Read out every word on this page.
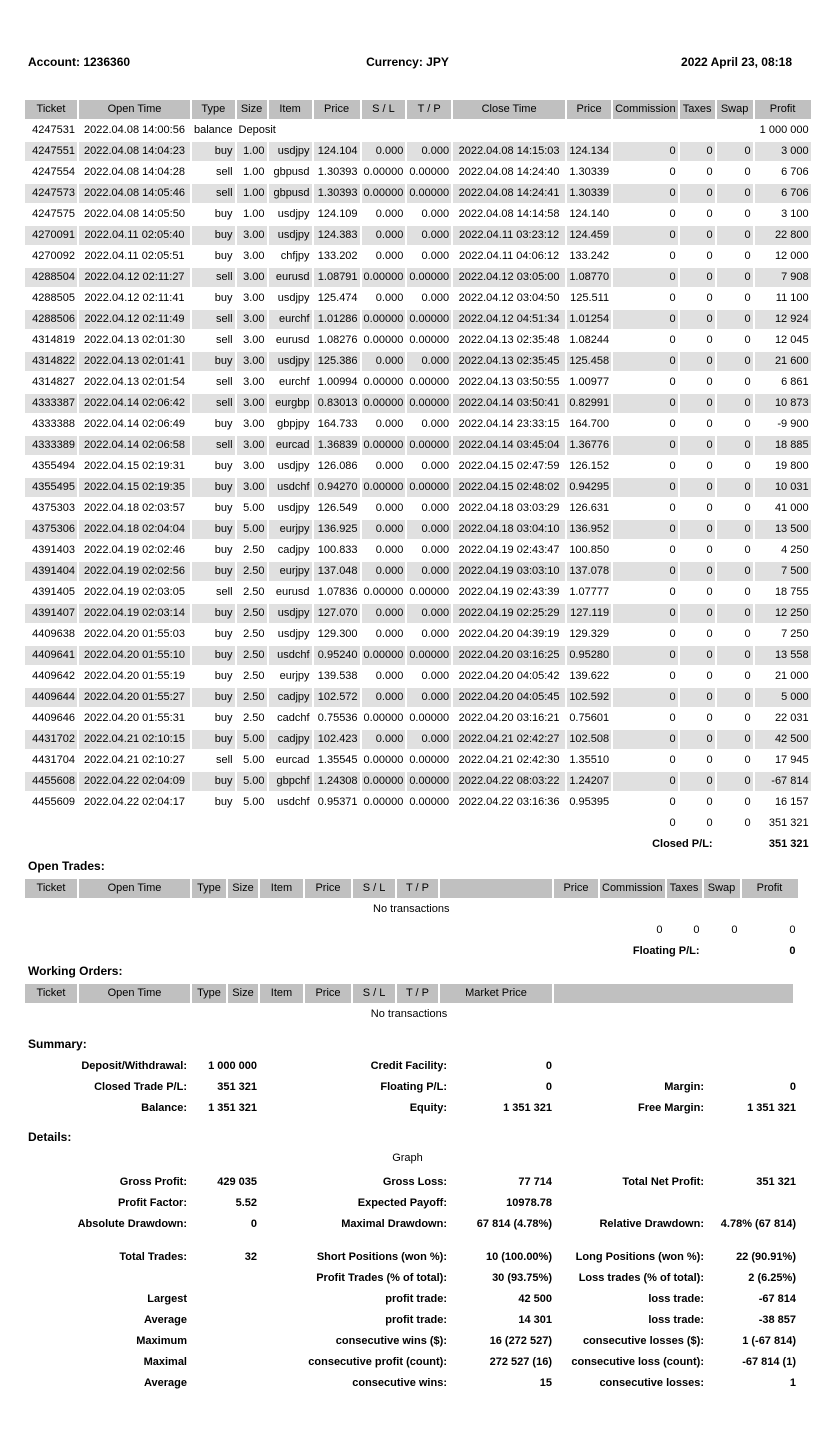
Account: 1236360	Currency: JPY	2022 April 23, 08:18
Ticket	Open Time	Type	Size	Item	Price	S / L	T / P	Close Time	Price	Commission	Taxes	Swap	Profit
4247531	2022.04.08 14:00:56	balance	Deposit										1 000 000
4247551	2022.04.08 14:04:23	buy	1.00	usdjpy	124.104	0.000	0.000	2022.04.08 14:15:03	124.134	0	0	0	3 000
4247554	2022.04.08 14:04:28	sell	1.00	gbpusd	1.30393	0.00000	0.00000	2022.04.08 14:24:40	1.30339	0	0	0	6 706
4247573	2022.04.08 14:05:46	sell	1.00	gbpusd	1.30393	0.00000	0.00000	2022.04.08 14:24:41	1.30339	0	0	0	6 706
4247575	2022.04.08 14:05:50	buy	1.00	usdjpy	124.109	0.000	0.000	2022.04.08 14:14:58	124.140	0	0	0	3 100
4270091	2022.04.11 02:05:40	buy	3.00	usdjpy	124.383	0.000	0.000	2022.04.11 03:23:12	124.459	0	0	0	22 800
4270092	2022.04.11 02:05:51	buy	3.00	chfjpy	133.202	0.000	0.000	2022.04.11 04:06:12	133.242	0	0	0	12 000
4288504	2022.04.12 02:11:27	sell	3.00	eurusd	1.08791	0.00000	0.00000	2022.04.12 03:05:00	1.08770	0	0	0	7 908
4288505	2022.04.12 02:11:41	buy	3.00	usdjpy	125.474	0.000	0.000	2022.04.12 03:04:50	125.511	0	0	0	11 100
4288506	2022.04.12 02:11:49	sell	3.00	eurchf	1.01286	0.00000	0.00000	2022.04.12 04:51:34	1.01254	0	0	0	12 924
4314819	2022.04.13 02:01:30	sell	3.00	eurusd	1.08276	0.00000	0.00000	2022.04.13 02:35:48	1.08244	0	0	0	12 045
4314822	2022.04.13 02:01:41	buy	3.00	usdjpy	125.386	0.000	0.000	2022.04.13 02:35:45	125.458	0	0	0	21 600
4314827	2022.04.13 02:01:54	sell	3.00	eurchf	1.00994	0.00000	0.00000	2022.04.13 03:50:55	1.00977	0	0	0	6 861
4333387	2022.04.14 02:06:42	sell	3.00	eurgbp	0.83013	0.00000	0.00000	2022.04.14 03:50:41	0.82991	0	0	0	10 873
4333388	2022.04.14 02:06:49	buy	3.00	gbpjpy	164.733	0.000	0.000	2022.04.14 23:33:15	164.700	0	0	0	-9 900
4333389	2022.04.14 02:06:58	sell	3.00	eurcad	1.36839	0.00000	0.00000	2022.04.14 03:45:04	1.36776	0	0	0	18 885
4355494	2022.04.15 02:19:31	buy	3.00	usdjpy	126.086	0.000	0.000	2022.04.15 02:47:59	126.152	0	0	0	19 800
4355495	2022.04.15 02:19:35	buy	3.00	usdchf	0.94270	0.00000	0.00000	2022.04.15 02:48:02	0.94295	0	0	0	10 031
4375303	2022.04.18 02:03:57	buy	5.00	usdjpy	126.549	0.000	0.000	2022.04.18 03:03:29	126.631	0	0	0	41 000
4375306	2022.04.18 02:04:04	buy	5.00	eurjpy	136.925	0.000	0.000	2022.04.18 03:04:10	136.952	0	0	0	13 500
4391403	2022.04.19 02:02:46	buy	2.50	cadjpy	100.833	0.000	0.000	2022.04.19 02:43:47	100.850	0	0	0	4 250
4391404	2022.04.19 02:02:56	buy	2.50	eurjpy	137.048	0.000	0.000	2022.04.19 03:03:10	137.078	0	0	0	7 500
4391405	2022.04.19 02:03:05	sell	2.50	eurusd	1.07836	0.00000	0.00000	2022.04.19 02:43:39	1.07777	0	0	0	18 755
4391407	2022.04.19 02:03:14	buy	2.50	usdjpy	127.070	0.000	0.000	2022.04.19 02:25:29	127.119	0	0	0	12 250
4409638	2022.04.20 01:55:03	buy	2.50	usdjpy	129.300	0.000	0.000	2022.04.20 04:39:19	129.329	0	0	0	7 250
4409641	2022.04.20 01:55:10	buy	2.50	usdchf	0.95240	0.00000	0.00000	2022.04.20 03:16:25	0.95280	0	0	0	13 558
4409642	2022.04.20 01:55:19	buy	2.50	eurjpy	139.538	0.000	0.000	2022.04.20 04:05:42	139.622	0	0	0	21 000
4409644	2022.04.20 01:55:27	buy	2.50	cadjpy	102.572	0.000	0.000	2022.04.20 04:05:45	102.592	0	0	0	5 000
4409646	2022.04.20 01:55:31	buy	2.50	cadchf	0.75536	0.00000	0.00000	2022.04.20 03:16:21	0.75601	0	0	0	22 031
4431702	2022.04.21 02:10:15	buy	5.00	cadjpy	102.423	0.000	0.000	2022.04.21 02:42:27	102.508	0	0	0	42 500
4431704	2022.04.21 02:10:27	sell	5.00	eurcad	1.35545	0.00000	0.00000	2022.04.21 02:42:30	1.35510	0	0	0	17 945
4455608	2022.04.22 02:04:09	buy	5.00	gbpchf	1.24308	0.00000	0.00000	2022.04.22 08:03:22	1.24207	0	0	0	-67 814
4455609	2022.04.22 02:04:17	buy	5.00	usdchf	0.95371	0.00000	0.00000	2022.04.22 03:16:36	0.95395	0	0	0	16 157
										0	0	0	351 321
										Closed P/L:		351 321	
Open Trades:
Ticket	Open Time	Type	Size	Item	Price	S / L	T / P		Price	Commission	Taxes	Swap	Profit
No transactions													
										0	0	0	0
										Floating P/L:		0	
Working Orders:
Ticket	Open Time	Type	Size	Item	Price	S / L	T / P	Market Price	
No transactions
Summary:
Deposit/Withdrawal:	1 000 000	Credit Facility:	0
Closed Trade P/L:	351 321	Floating P/L:	0	Margin:	0
Balance:	1 351 321	Equity:	1 351 321	Free Margin:	1 351 321
Details:
Graph
Gross Profit:	429 035	Gross Loss:	77 714	Total Net Profit:	351 321
Profit Factor:	5.52	Expected Payoff:	10978.78
Absolute Drawdown:	0	Maximal Drawdown:	67 814 (4.78%)	Relative Drawdown:	4.78% (67 814)
Total Trades:	32	Short Positions (won %):	10 (100.00%)	Long Positions (won %):	22 (90.91%)
Profit Trades (% of total):	30 (93.75%)	Loss trades (% of total):	2 (6.25%)
Largest	profit trade:	42 500	loss trade:	-67 814
Average	profit trade:	14 301	loss trade:	-38 857
Maximum	consecutive wins ($):	16 (272 527)	consecutive losses ($):	1 (-67 814)
Maximal	consecutive profit (count):	272 527 (16)	consecutive loss (count):	-67 814 (1)
Average	consecutive wins:	15	consecutive losses:	1
